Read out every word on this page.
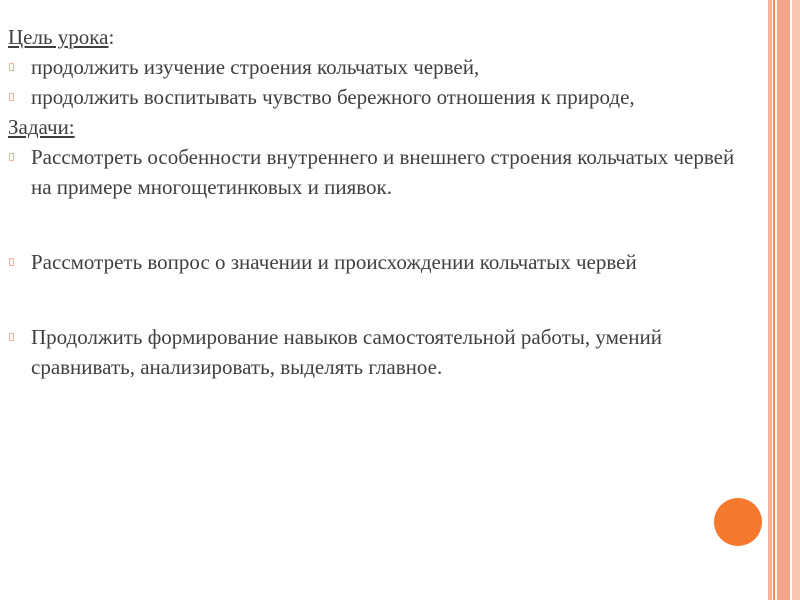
Цель урока:
продолжить изучение строения кольчатых червей,
продолжить воспитывать чувство бережного отношения к природе,
Задачи:
Рассмотреть особенности внутреннего и внешнего строения кольчатых червей на примере многощетинковых и пиявок.
Рассмотреть вопрос о значении и происхождении кольчатых червей
Продолжить формирование навыков самостоятельной работы, умений сравнивать, анализировать, выделять главное.
